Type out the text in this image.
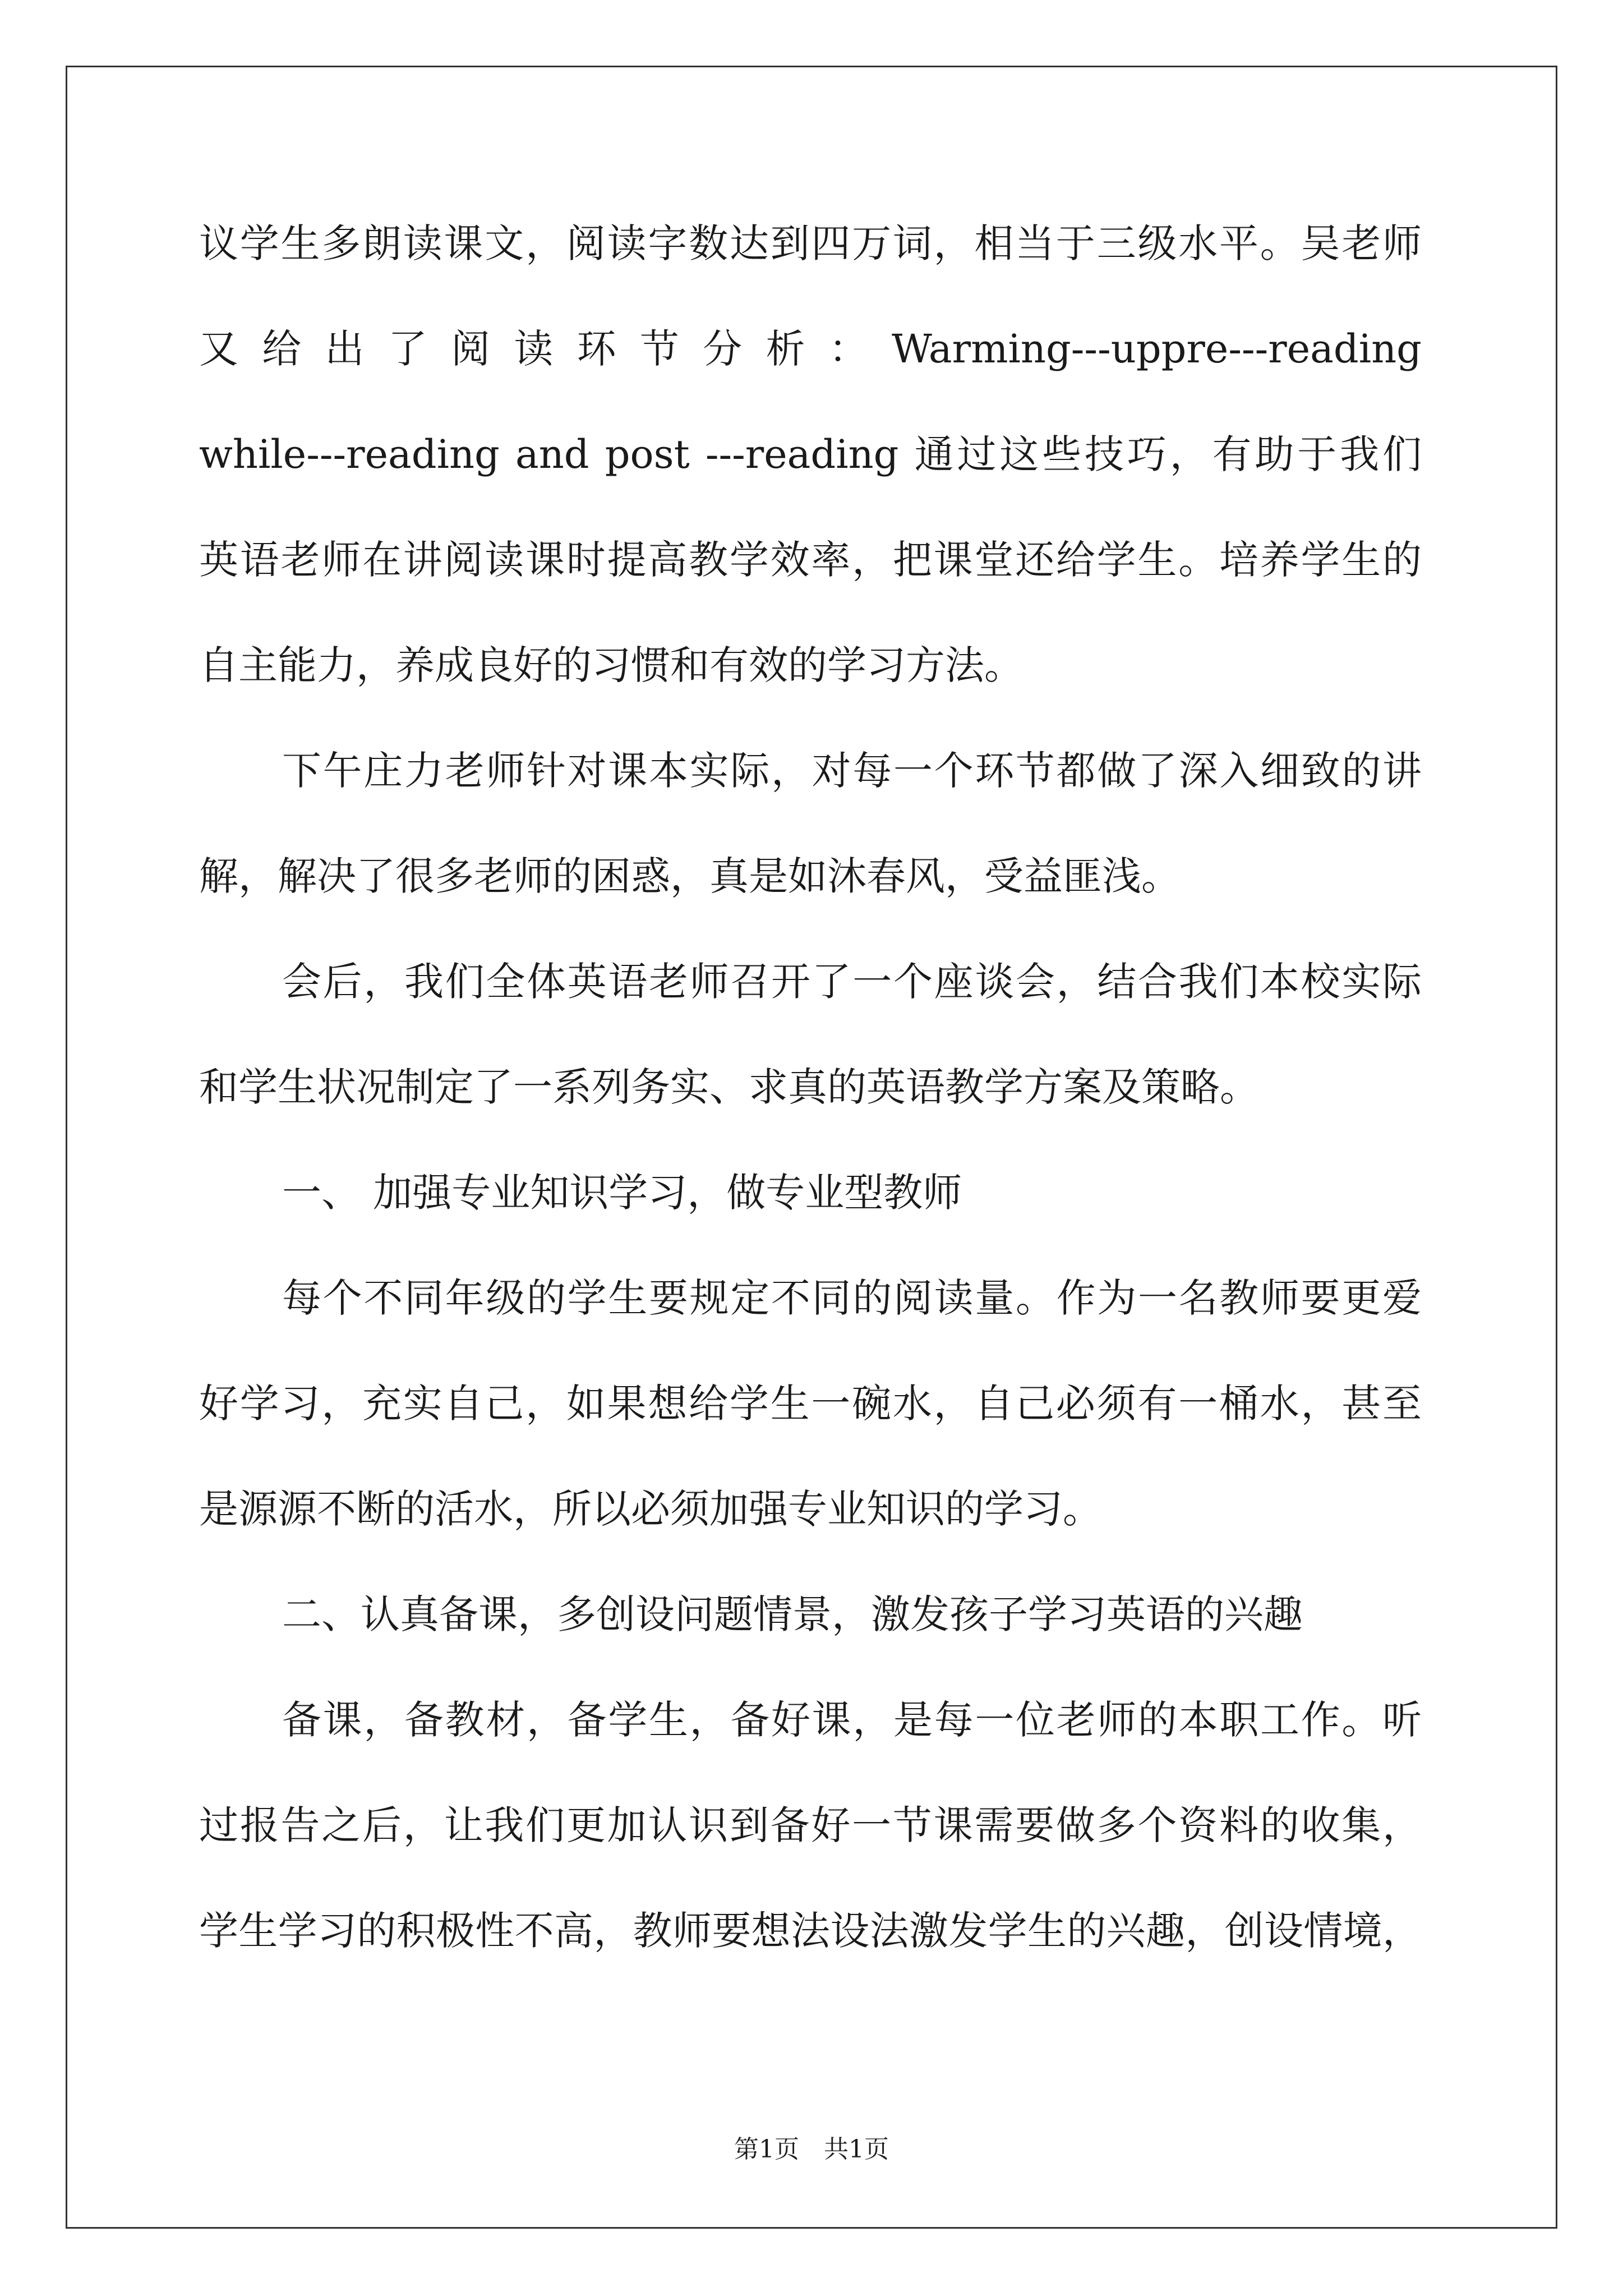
议学生多朗读课文，阅读字数达到四万词，相当于三级水平。吴老师
又 给 出 了 阅 读 环 节 分 析 ： Warming---uppre---reading
while---reading and post ---reading 通过这些技巧，有助于我们
英语老师在讲阅读课时提高教学效率，把课堂还给学生。培养学生的
自主能力，养成良好的习惯和有效的学习方法。
下午庄力老师针对课本实际，对每一个环节都做了深入细致的讲
解，解决了很多老师的困惑，真是如沐春风，受益匪浅。
会后，我们全体英语老师召开了一个座谈会，结合我们本校实际
和学生状况制定了一系列务实、求真的英语教学方案及策略。
一、 加强专业知识学习，做专业型教师
每个不同年级的学生要规定不同的阅读量。作为一名教师要更爱
好学习，充实自己，如果想给学生一碗水，自己必须有一桶水，甚至
是源源不断的活水，所以必须加强专业知识的学习。
二、认真备课，多创设问题情景，激发孩子学习英语的兴趣
备课，备教材，备学生，备好课，是每一位老师的本职工作。听
过报告之后，让我们更加认识到备好一节课需要做多个资料的收集，
学生学习的积极性不高，教师要想法设法激发学生的兴趣，创设情境，
第1页　共1页
